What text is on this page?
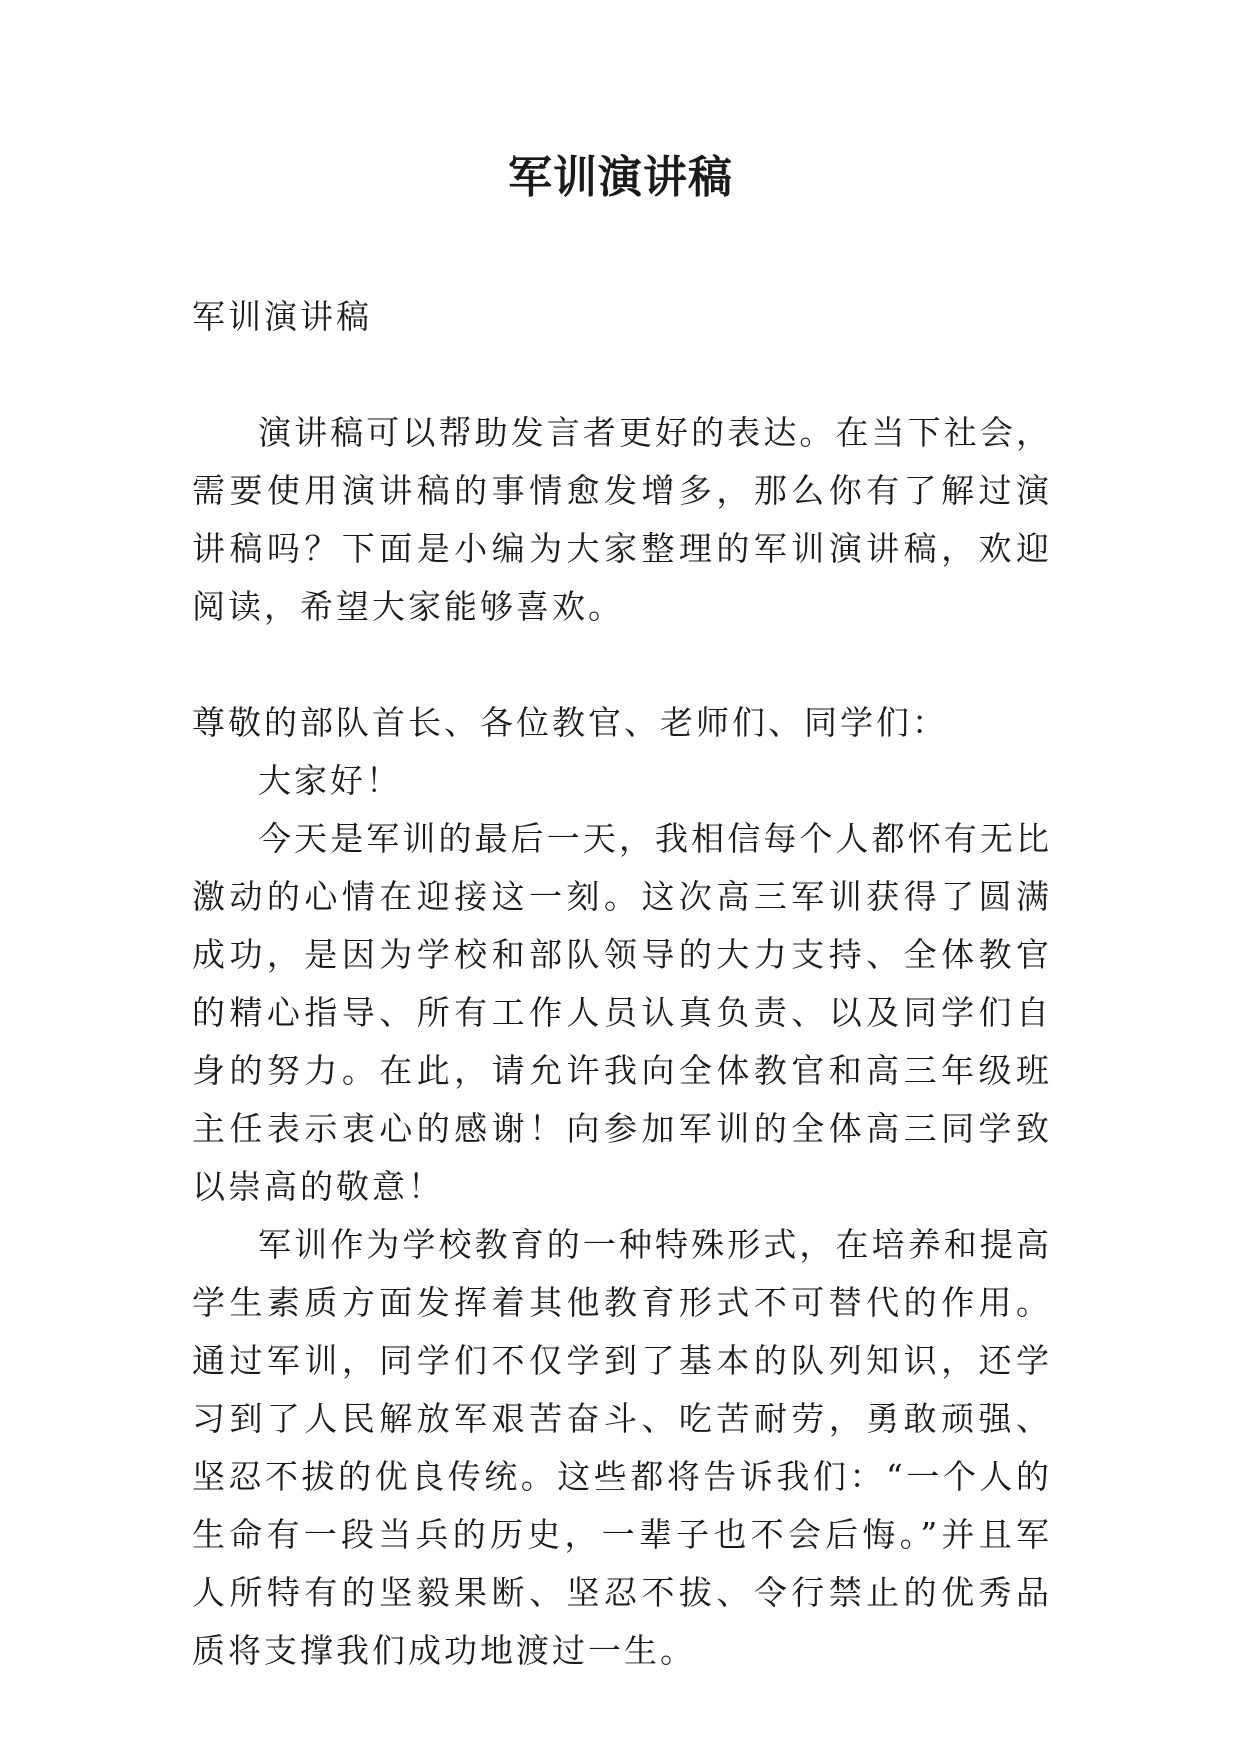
军训演讲稿

军训演讲稿

演讲稿可以帮助发言者更好的表达。在当下社会，需要使用演讲稿的事情愈发增多，那么你有了解过演讲稿吗？下面是小编为大家整理的军训演讲稿，欢迎阅读，希望大家能够喜欢。

尊敬的部队首长、各位教官、老师们、同学们：

大家好！

今天是军训的最后一天，我相信每个人都怀有无比激动的心情在迎接这一刻。这次高三军训获得了圆满成功，是因为学校和部队领导的大力支持、全体教官的精心指导、所有工作人员认真负责、以及同学们自身的努力。在此，请允许我向全体教官和高三年级班主任表示衷心的感谢！向参加军训的全体高三同学致以崇高的敬意！

军训作为学校教育的一种特殊形式，在培养和提高学生素质方面发挥着其他教育形式不可替代的作用。通过军训，同学们不仅学到了基本的队列知识，还学习到了人民解放军艰苦奋斗、吃苦耐劳，勇敢顽强、坚忍不拔的优良传统。这些都将告诉我们：“一个人的生命有一段当兵的历史，一辈子也不会后悔。”并且军人所特有的坚毅果断、坚忍不拔、令行禁止的优秀品质将支撑我们成功地渡过一生。
